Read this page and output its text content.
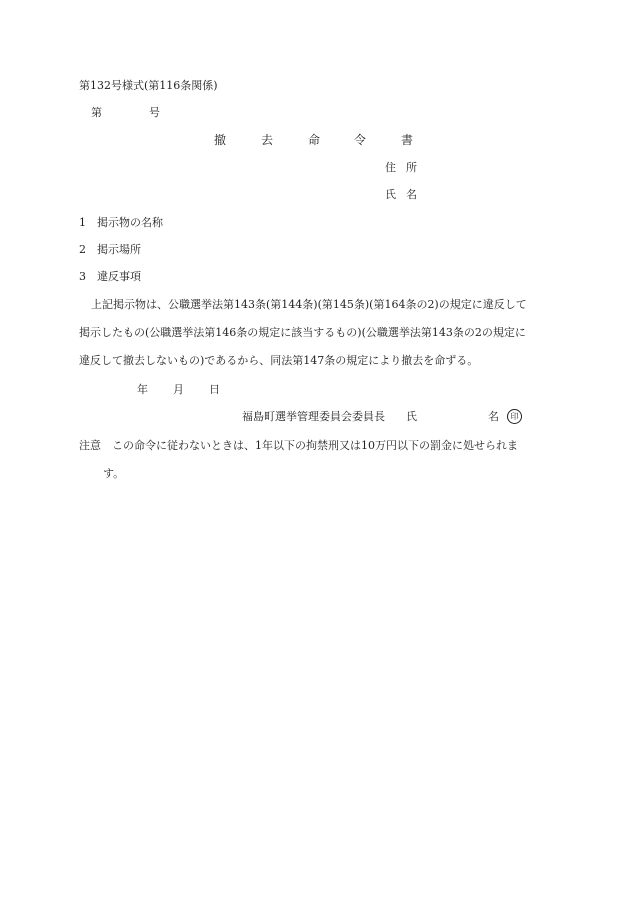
第132号様式(第116条関係)
第	号
撤	去	命	令	書
住 所
氏 名
1　掲示物の名称
2　掲示場所
3　違反事項
上記掲示物は、公職選挙法第143条(第144条)(第145条)(第164条の2)の規定に違反して
掲示したもの(公職選挙法第146条の規定に該当するもの)(公職選挙法第143条の2の規定に
違反して撤去しないもの)であるから、同法第147条の規定により撤去を命ずる。
年 月 日
福島町選挙管理委員会委員長 氏	名	印
注意　この命令に従わないときは、1年以下の拘禁刑又は10万円以下の罰金に処せられま
す。
